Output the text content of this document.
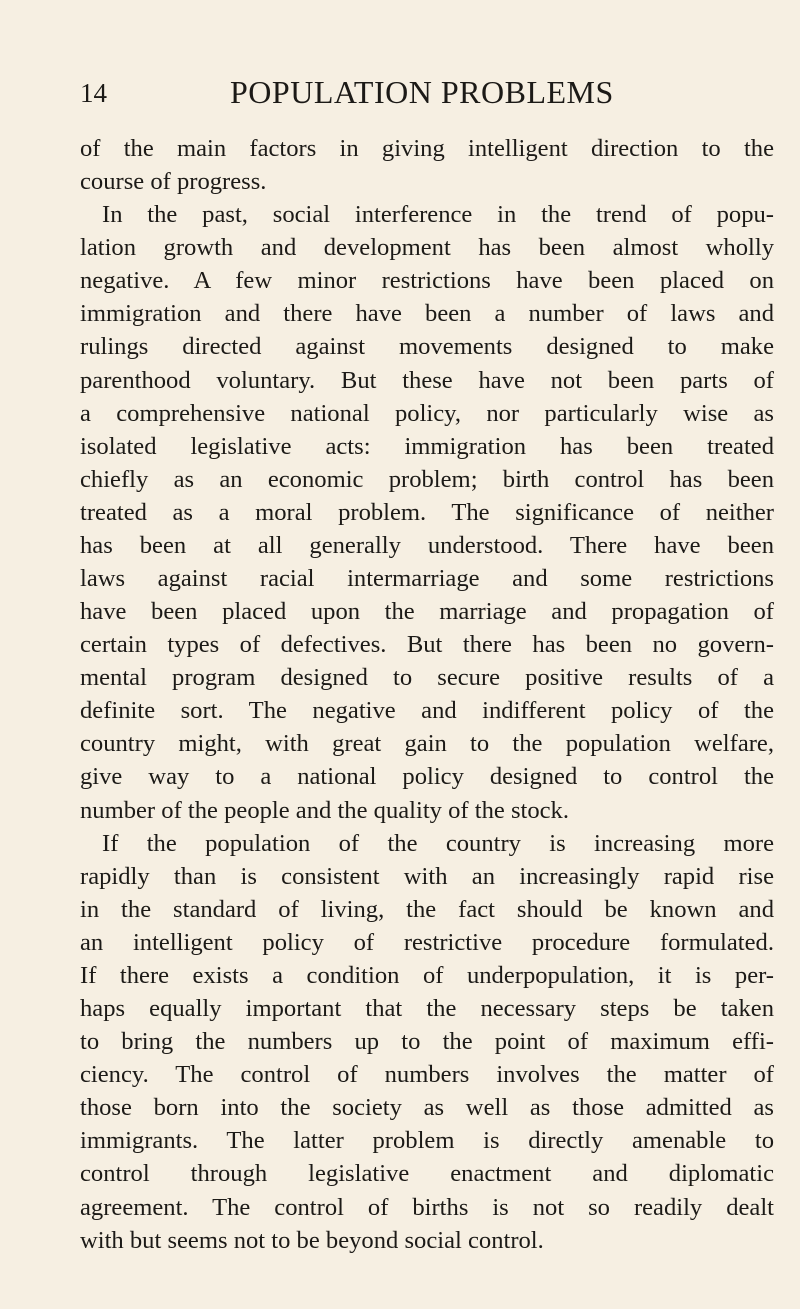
14	POPULATION PROBLEMS
of the main factors in giving intelligent direction to the
course of progress.
In the past, social interference in the trend of popu-
lation growth and development has been almost wholly
negative. A few minor restrictions have been placed on
immigration and there have been a number of laws and
rulings directed against movements designed to make
parenthood voluntary. But these have not been parts of
a comprehensive national policy, nor particularly wise as
isolated legislative acts: immigration has been treated
chiefly as an economic problem; birth control has been
treated as a moral problem. The significance of neither
has been at all generally understood. There have been
laws against racial intermarriage and some restrictions
have been placed upon the marriage and propagation of
certain types of defectives. But there has been no govern-
mental program designed to secure positive results of a
definite sort. The negative and indifferent policy of the
country might, with great gain to the population welfare,
give way to a national policy designed to control the
number of the people and the quality of the stock.
If the population of the country is increasing more
rapidly than is consistent with an increasingly rapid rise
in the standard of living, the fact should be known and
an intelligent policy of restrictive procedure formulated.
If there exists a condition of underpopulation, it is per-
haps equally important that the necessary steps be taken
to bring the numbers up to the point of maximum effi-
ciency. The control of numbers involves the matter of
those born into the society as well as those admitted as
immigrants. The latter problem is directly amenable to
control through legislative enactment and diplomatic
agreement. The control of births is not so readily dealt
with but seems not to be beyond social control.
